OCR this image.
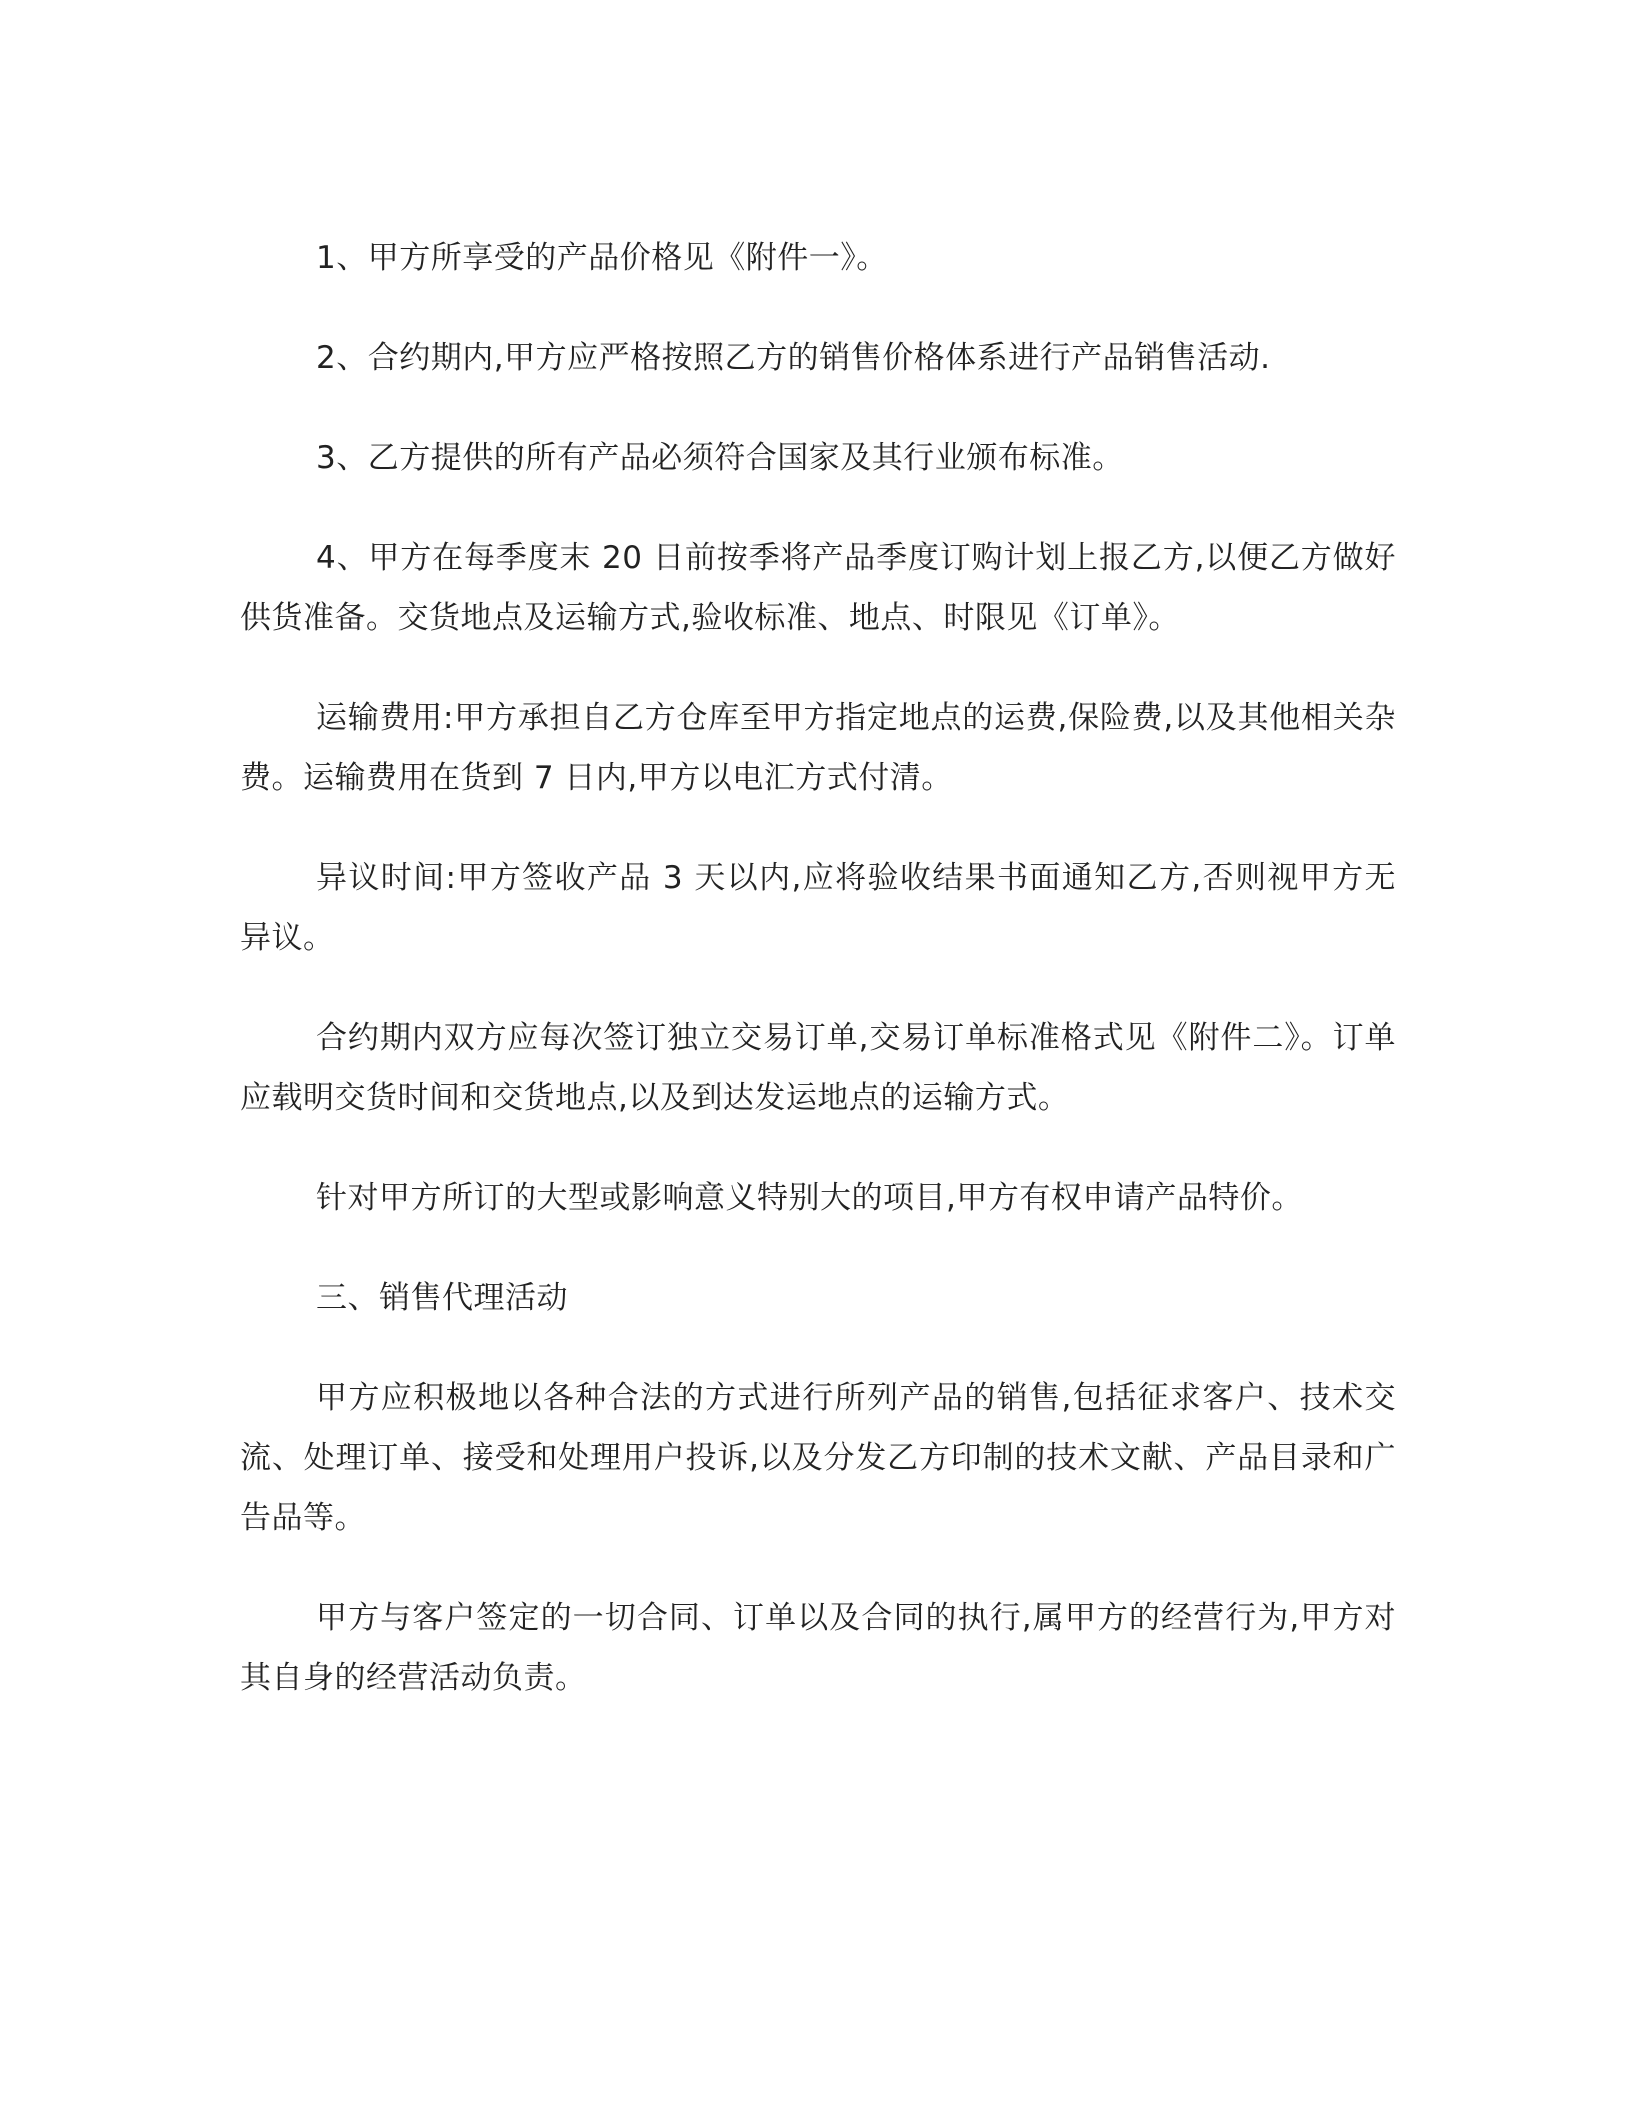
1、甲方所享受的产品价格见《附件一》。

2、合约期内,甲方应严格按照乙方的销售价格体系进行产品销售活动.

3、乙方提供的所有产品必须符合国家及其行业颁布标准。

4、甲方在每季度末 20 日前按季将产品季度订购计划上报乙方,以便乙方做好供货准备。交货地点及运输方式,验收标准、地点、时限见《订单》。

运输费用:甲方承担自乙方仓库至甲方指定地点的运费,保险费,以及其他相关杂费。运输费用在货到 7 日内,甲方以电汇方式付清。

异议时间:甲方签收产品 3 天以内,应将验收结果书面通知乙方,否则视甲方无异议。

合约期内双方应每次签订独立交易订单,交易订单标准格式见《附件二》。订单应载明交货时间和交货地点,以及到达发运地点的运输方式。

针对甲方所订的大型或影响意义特别大的项目,甲方有权申请产品特价。

三、销售代理活动

甲方应积极地以各种合法的方式进行所列产品的销售,包括征求客户、技术交流、处理订单、接受和处理用户投诉,以及分发乙方印制的技术文献、产品目录和广告品等。

甲方与客户签定的一切合同、订单以及合同的执行,属甲方的经营行为,甲方对其自身的经营活动负责。
